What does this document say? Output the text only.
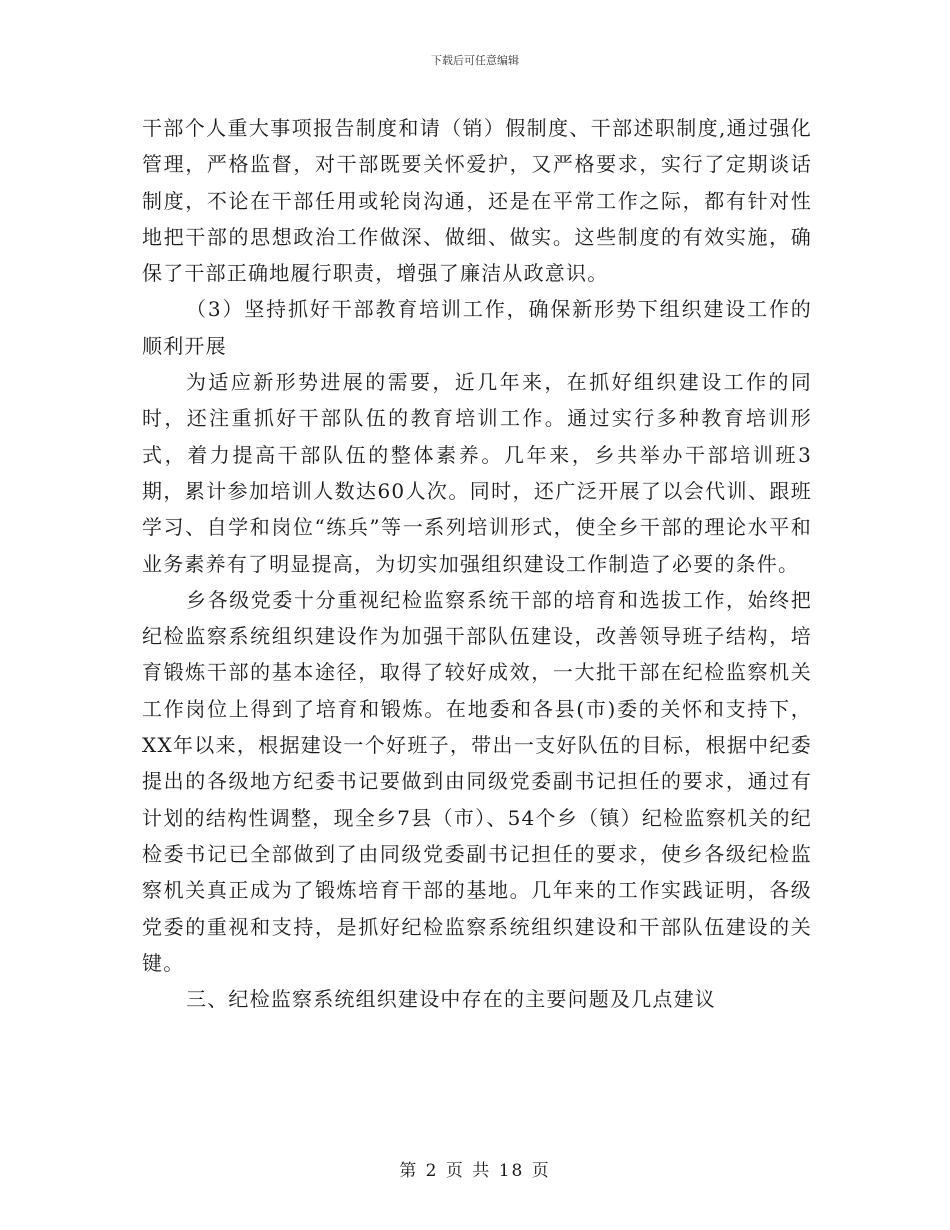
下载后可任意编辑

干部个人重大事项报告制度和请（销）假制度、干部述职制度,通过强化管理，严格监督，对干部既要关怀爱护，又严格要求，实行了定期谈话制度，不论在干部任用或轮岗沟通，还是在平常工作之际，都有针对性地把干部的思想政治工作做深、做细、做实。这些制度的有效实施，确保了干部正确地履行职责，增强了廉洁从政意识。

（3）坚持抓好干部教育培训工作，确保新形势下组织建设工作的顺利开展

为适应新形势进展的需要，近几年来，在抓好组织建设工作的同时，还注重抓好干部队伍的教育培训工作。通过实行多种教育培训形式，着力提高干部队伍的整体素养。几年来，乡共举办干部培训班3期，累计参加培训人数达60人次。同时，还广泛开展了以会代训、跟班学习、自学和岗位“练兵”等一系列培训形式，使全乡干部的理论水平和业务素养有了明显提高，为切实加强组织建设工作制造了必要的条件。

乡各级党委十分重视纪检监察系统干部的培育和选拔工作，始终把纪检监察系统组织建设作为加强干部队伍建设，改善领导班子结构，培育锻炼干部的基本途径，取得了较好成效，一大批干部在纪检监察机关工作岗位上得到了培育和锻炼。在地委和各县(市)委的关怀和支持下，XX年以来，根据建设一个好班子，带出一支好队伍的目标，根据中纪委提出的各级地方纪委书记要做到由同级党委副书记担任的要求，通过有计划的结构性调整，现全乡7县（市）、54个乡（镇）纪检监察机关的纪检委书记已全部做到了由同级党委副书记担任的要求，使乡各级纪检监察机关真正成为了锻炼培育干部的基地。几年来的工作实践证明，各级党委的重视和支持，是抓好纪检监察系统组织建设和干部队伍建设的关键。

三、纪检监察系统组织建设中存在的主要问题及几点建议

第 2 页 共 18 页
